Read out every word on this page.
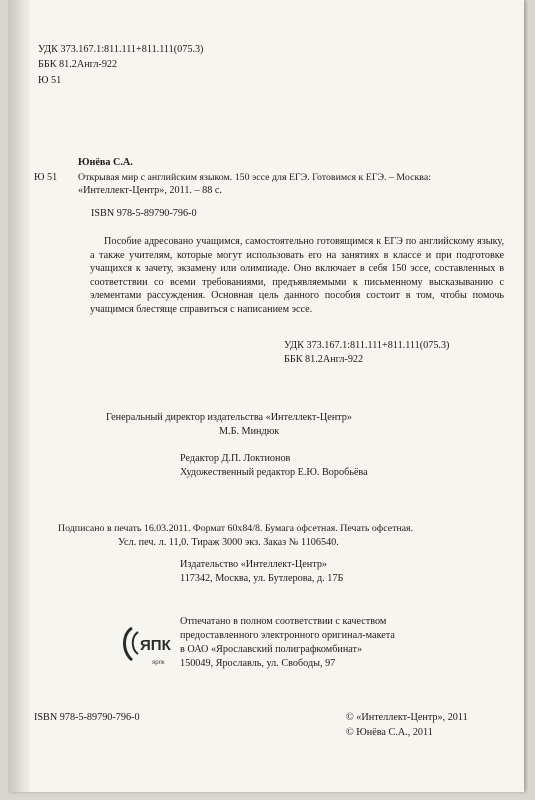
УДК 373.167.1:811.111+811.111(075.3)
ББК 81.2Англ-922
Ю 51
Юнёва С.А.
Ю 51 Открывая мир с английским языком. 150 эссе для ЕГЭ. Готовимся к ЕГЭ. – Москва:
«Интеллект-Центр», 2011. – 88 с.
ISBN 978-5-89790-796-0
Пособие адресовано учащимся, самостоятельно готовящимся к ЕГЭ по английскому языку, а также учителям, которые могут использовать его на занятиях в классе и при подготовке учащихся к зачету, экзамену или олимпиаде. Оно включает в себя 150 эссе, составленных в соответствии со всеми требованиями, предъявляемыми к письменному высказыванию с элементами рассуждения. Основная цель данного пособия состоит в том, чтобы помочь учащимся блестяще справиться с написанием эссе.
УДК 373.167.1:811.111+811.111(075.3)
ББК 81.2Англ-922
Генеральный директор издательства «Интеллект-Центр»
М.Б. Миндюк
Редактор Д.П. Локтионов
Художественный редактор Е.Ю. Воробьёва
Подписано в печать 16.03.2011. Формат 60х84/8. Бумага офсетная. Печать офсетная.
Усл. печ. л. 11,0. Тираж 3000 экз. Заказ № 1106540.
Издательство «Интеллект-Центр»
117342, Москва, ул. Бутлерова, д. 17Б
ЯПК
ярпк
Отпечатано в полном соответствии с качеством
предоставленного электронного оригинал-макета
в ОАО «Ярославский полиграфкомбинат»
150049, Ярославль, ул. Свободы, 97
ISBN 978-5-89790-796-0	© «Интеллект-Центр», 2011
© Юнёва С.А., 2011
